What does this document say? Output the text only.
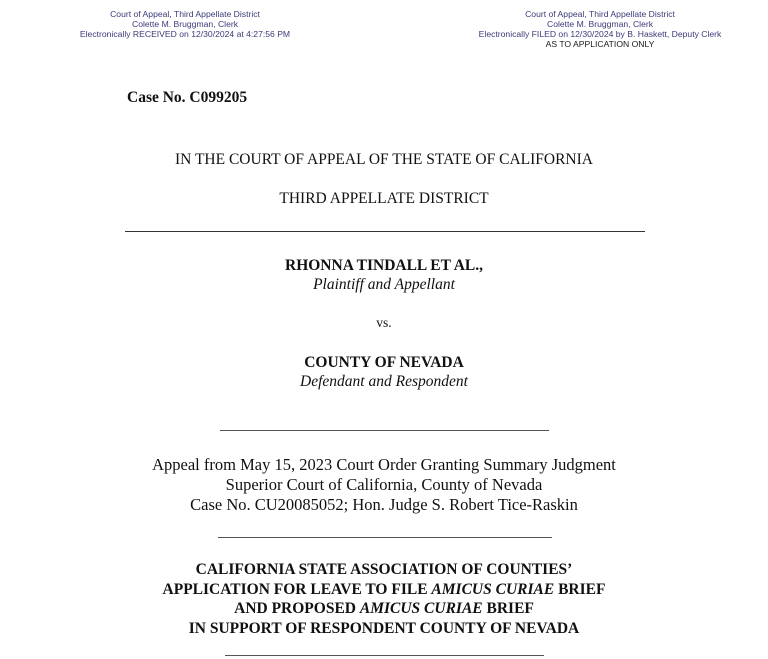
Court of Appeal, Third Appellate District
Colette M. Bruggman, Clerk
Electronically RECEIVED on 12/30/2024 at 4:27:56 PM
Court of Appeal, Third Appellate District
Colette M. Bruggman, Clerk
Electronically FILED on 12/30/2024 by B. Haskett, Deputy Clerk
AS TO APPLICATION ONLY
Case No. C099205
IN THE COURT OF APPEAL OF THE STATE OF CALIFORNIA
THIRD APPELLATE DISTRICT
RHONNA TINDALL ET AL.,
Plaintiff and Appellant
vs.
COUNTY OF NEVADA
Defendant and Respondent
Appeal from May 15, 2023 Court Order Granting Summary Judgment
Superior Court of California, County of Nevada
Case No. CU20085052; Hon. Judge S. Robert Tice-Raskin
CALIFORNIA STATE ASSOCIATION OF COUNTIES’
APPLICATION FOR LEAVE TO FILE AMICUS CURIAE BRIEF
AND PROPOSED AMICUS CURIAE BRIEF
IN SUPPORT OF RESPONDENT COUNTY OF NEVADA
